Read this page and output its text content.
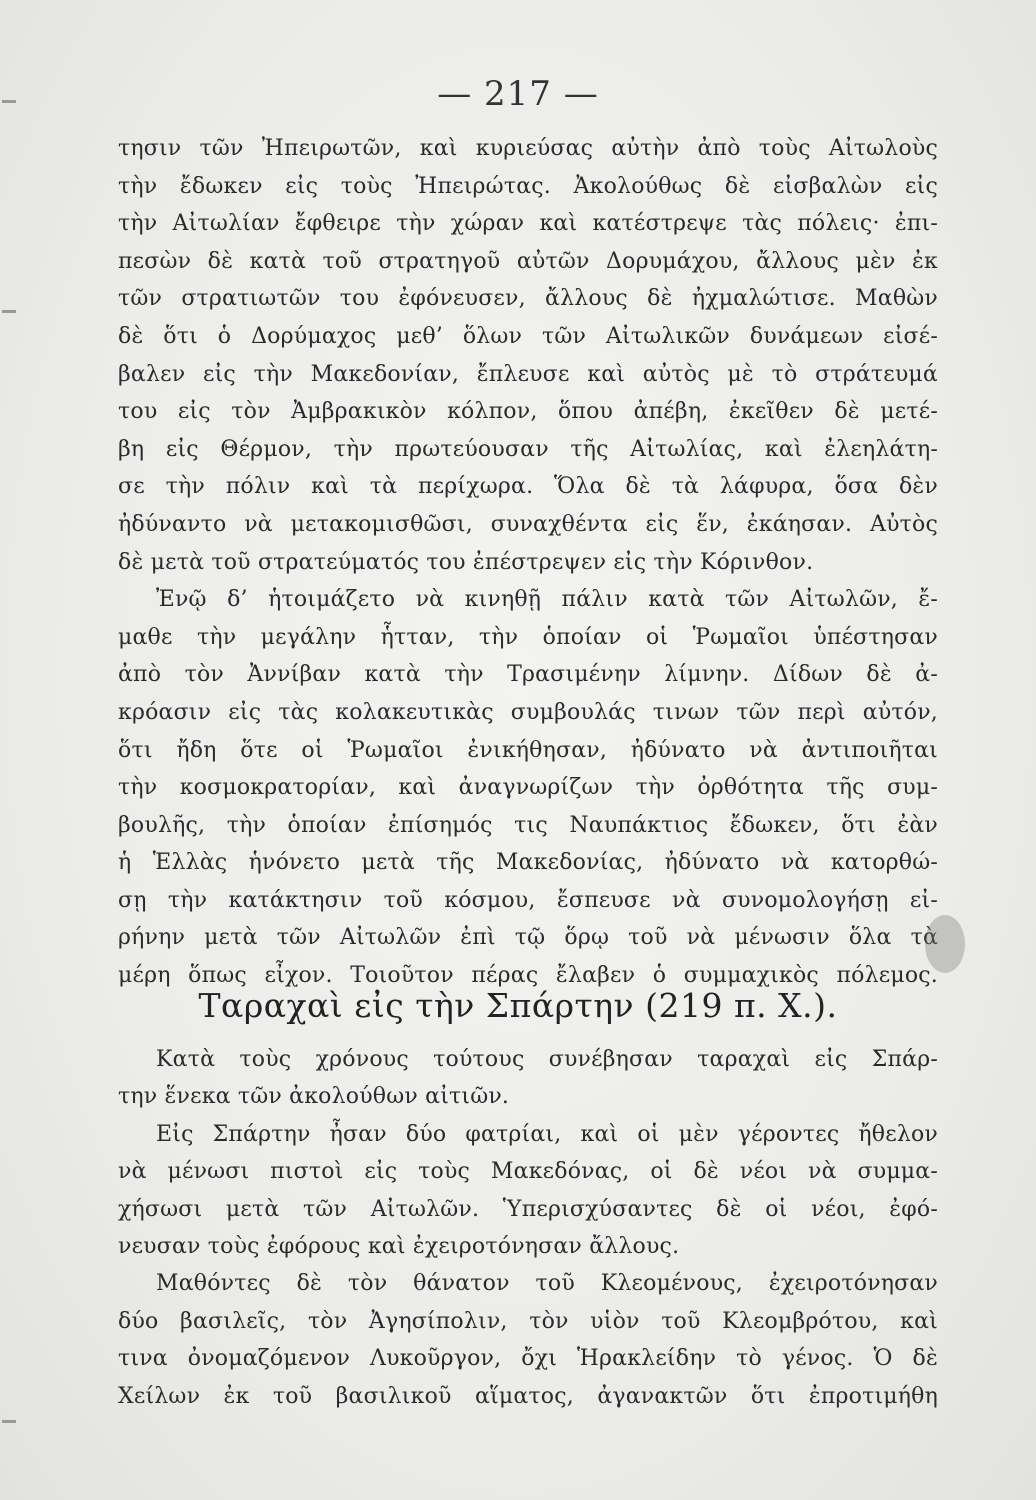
— 217 —
τησιν τῶν Ἠπειρωτῶν, καὶ κυριεύσας αὐτὴν ἀπὸ τοὺς Αἰτωλοὺς
τὴν ἔδωκεν εἰς τοὺς Ἠπειρώτας. Ἀκολούθως δὲ εἰσβαλὼν εἰς
τὴν Αἰτωλίαν ἔφθειρε τὴν χώραν καὶ κατέστρεψε τὰς πόλεις· ἐπι-
πεσὼν δὲ κατὰ τοῦ στρατηγοῦ αὐτῶν Δορυμάχου, ἄλλους μὲν ἐκ
τῶν στρατιωτῶν του ἐφόνευσεν, ἄλλους δὲ ἠχμαλώτισε. Μαθὼν
δὲ ὅτι ὁ Δορύμαχος μεθ’ ὅλων τῶν Αἰτωλικῶν δυνάμεων εἰσέ-
βαλεν εἰς τὴν Μακεδονίαν, ἔπλευσε καὶ αὐτὸς μὲ τὸ στράτευμά
του εἰς τὸν Ἀμβρακικὸν κόλπον, ὅπου ἀπέβη, ἐκεῖθεν δὲ μετέ-
βη εἰς Θέρμον, τὴν πρωτεύουσαν τῆς Αἰτωλίας, καὶ ἐλεηλάτη-
σε τὴν πόλιν καὶ τὰ περίχωρα. Ὅλα δὲ τὰ λάφυρα, ὅσα δὲν
ἠδύναντο νὰ μετακομισθῶσι, συναχθέντα εἰς ἕν, ἐκάησαν. Αὐτὸς
δὲ μετὰ τοῦ στρατεύματός του ἐπέστρεψεν εἰς τὴν Κόρινθον.
Ἐνῷ δ’ ἡτοιμάζετο νὰ κινηθῇ πάλιν κατὰ τῶν Αἰτωλῶν, ἔ-
μαθε τὴν μεγάλην ἧτταν, τὴν ὁποίαν οἱ Ῥωμαῖοι ὑπέστησαν
ἀπὸ τὸν Ἀννίβαν κατὰ τὴν Τρασιμένην λίμνην. Δίδων δὲ ἀ-
κρόασιν εἰς τὰς κολακευτικὰς συμβουλάς τινων τῶν περὶ αὐτόν,
ὅτι ἤδη ὅτε οἱ Ῥωμαῖοι ἐνικήθησαν, ἠδύνατο νὰ ἀντιποιῆται
τὴν κοσμοκρατορίαν, καὶ ἀναγνωρίζων τὴν ὀρθότητα τῆς συμ-
βουλῆς, τὴν ὁποίαν ἐπίσημός τις Ναυπάκτιος ἔδωκεν, ὅτι ἐὰν
ἡ Ἑλλὰς ἡνόνετο μετὰ τῆς Μακεδονίας, ἠδύνατο νὰ κατορθώ-
σῃ τὴν κατάκτησιν τοῦ κόσμου, ἔσπευσε νὰ συνομολογήσῃ εἰ-
ρήνην μετὰ τῶν Αἰτωλῶν ἐπὶ τῷ ὅρῳ τοῦ νὰ μένωσιν ὅλα τὰ
μέρη ὅπως εἶχον. Τοιοῦτον πέρας ἔλαβεν ὁ συμμαχικὸς πόλεμος.
Ταραχαὶ εἰς τὴν Σπάρτην (219 π. Χ.).
Κατὰ τοὺς χρόνους τούτους συνέβησαν ταραχαὶ εἰς Σπάρ-
την ἕνεκα τῶν ἀκολούθων αἰτιῶν.
Εἰς Σπάρτην ἦσαν δύο φατρίαι, καὶ οἱ μὲν γέροντες ἤθελον
νὰ μένωσι πιστοὶ εἰς τοὺς Μακεδόνας, οἱ δὲ νέοι νὰ συμμα-
χήσωσι μετὰ τῶν Αἰτωλῶν. Ὑπερισχύσαντες δὲ οἱ νέοι, ἐφό-
νευσαν τοὺς ἐφόρους καὶ ἐχειροτόνησαν ἄλλους.
Μαθόντες δὲ τὸν θάνατον τοῦ Κλεομένους, ἐχειροτόνησαν
δύο βασιλεῖς, τὸν Ἀγησίπολιν, τὸν υἱὸν τοῦ Κλεομβρότου, καὶ
τινα ὀνομαζόμενον Λυκοῦργον, ὄχι Ἡρακλείδην τὸ γένος. Ὁ δὲ
Χείλων ἐκ τοῦ βασιλικοῦ αἵματος, ἀγανακτῶν ὅτι ἐπροτιμήθη
